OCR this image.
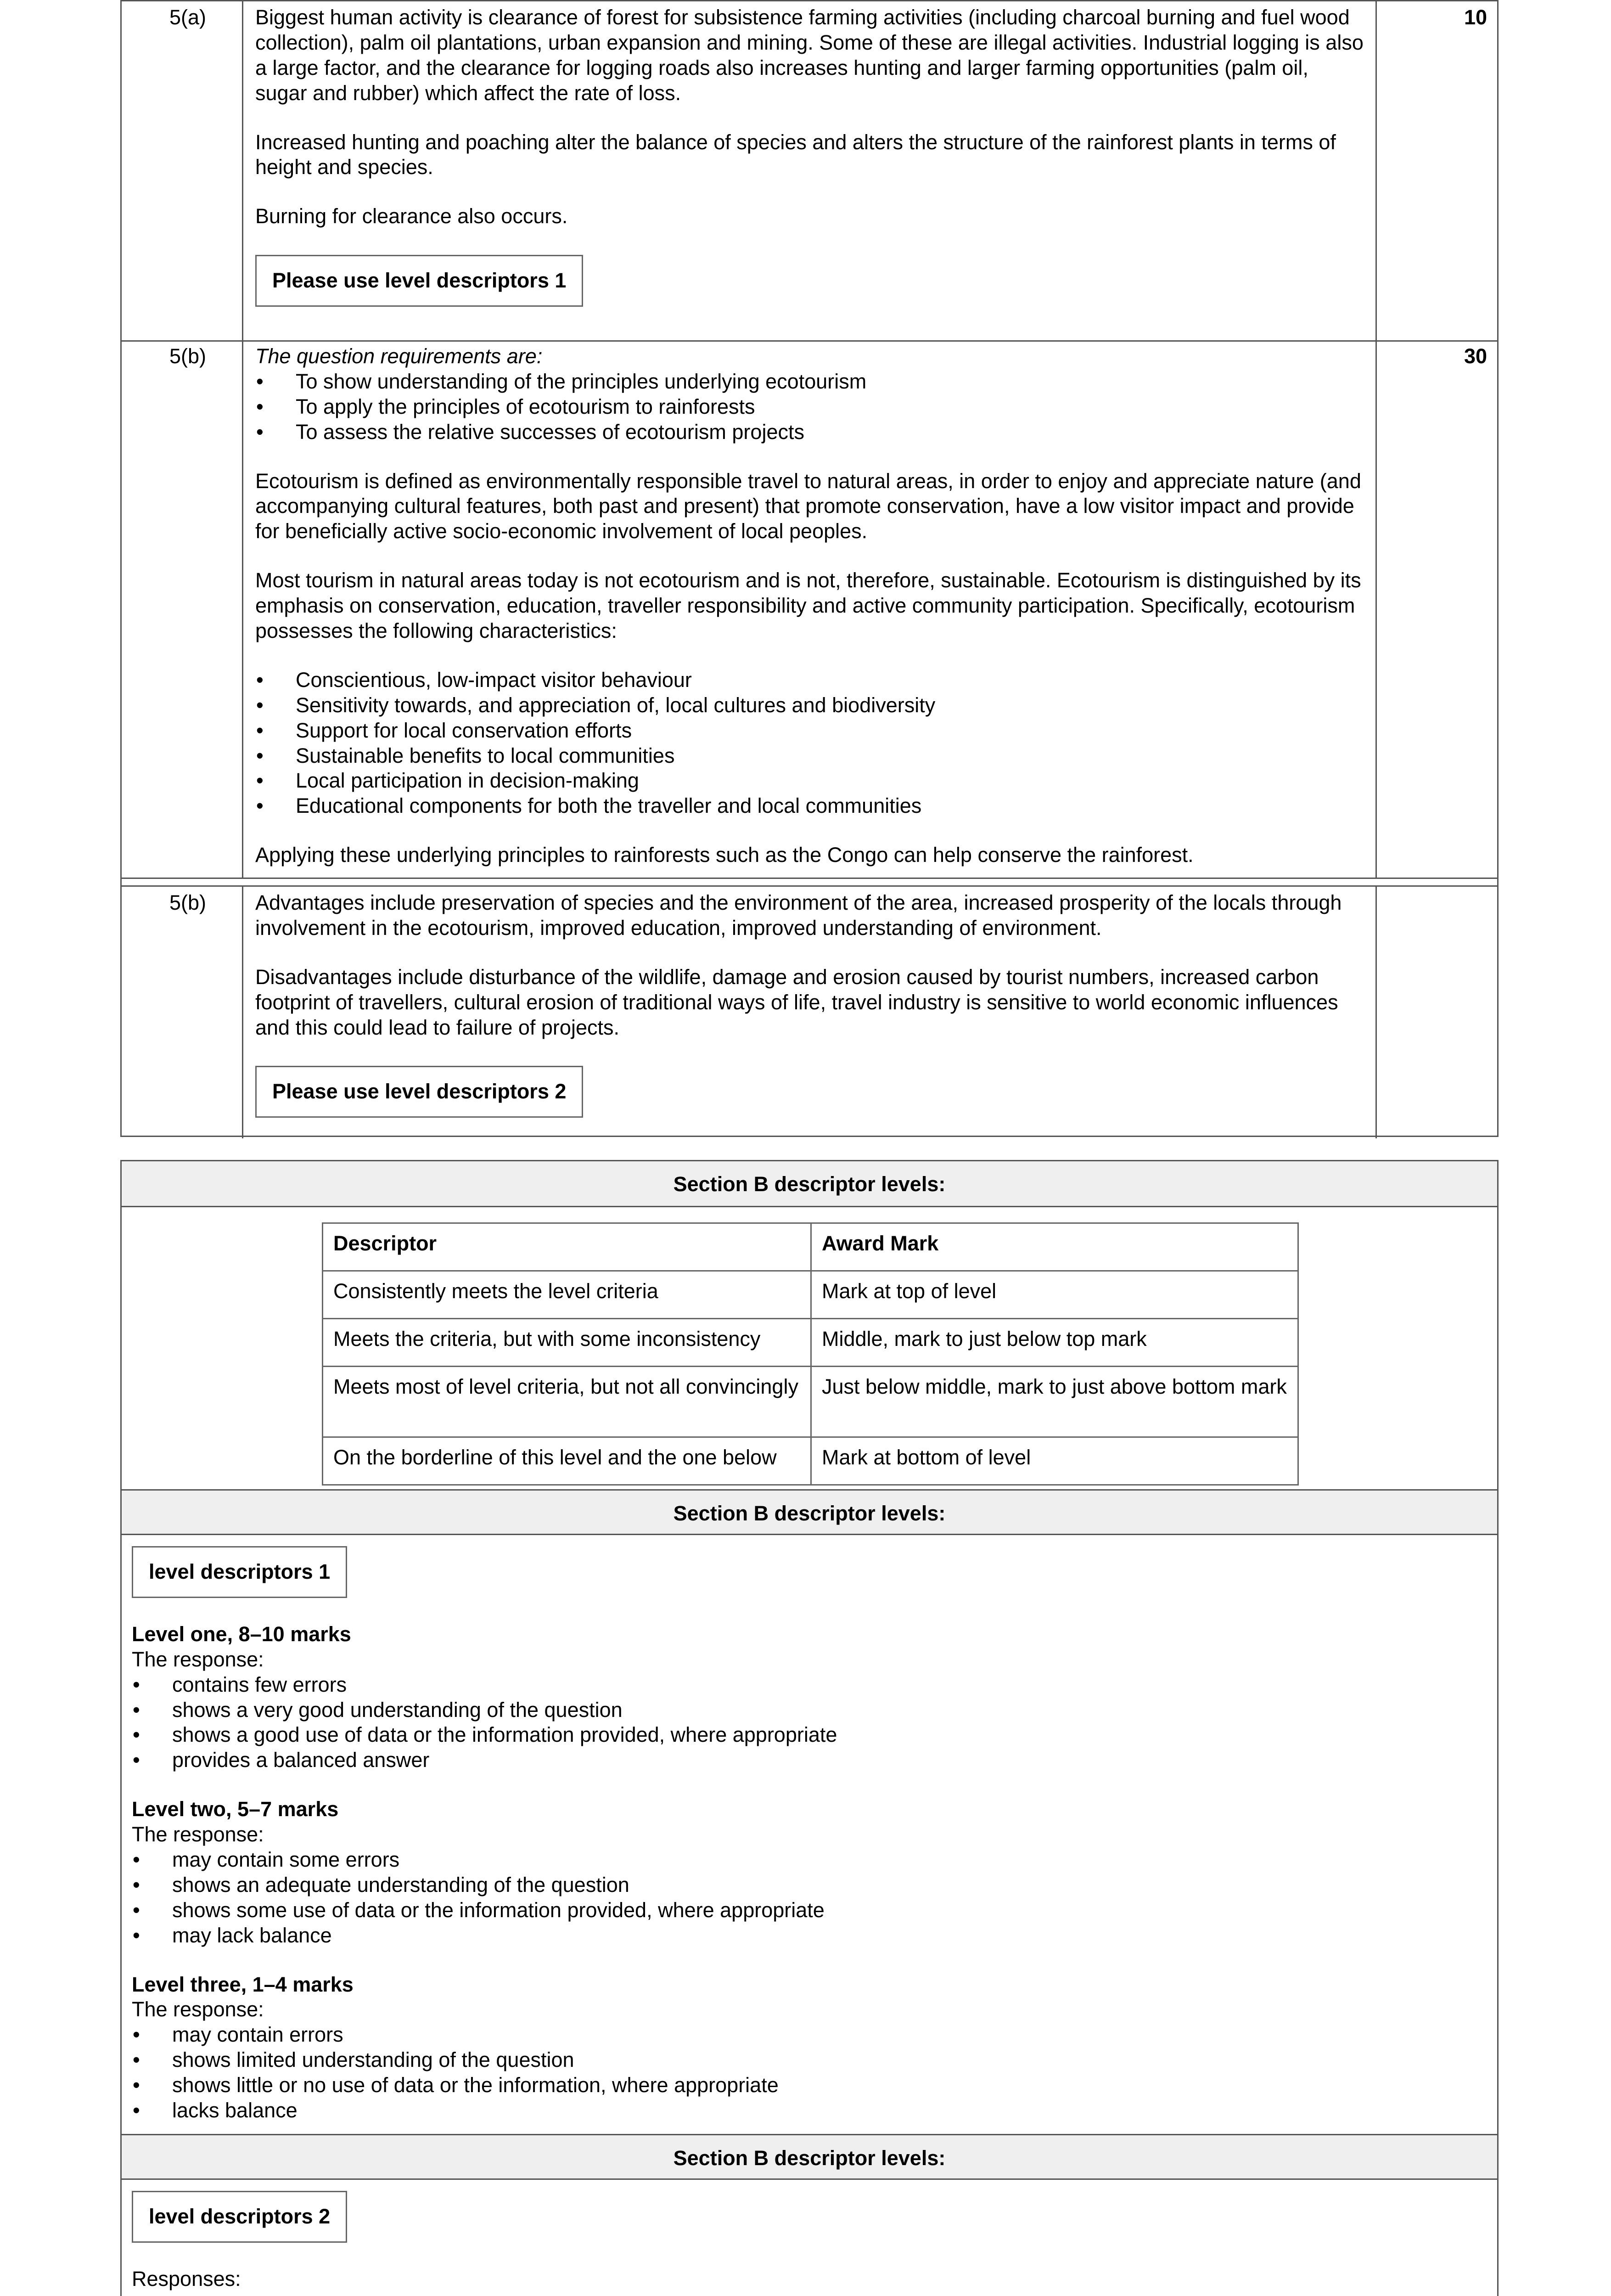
5(a)	Biggest human activity is clearance of forest for subsistence farming activities (including charcoal burning and fuel wood collection), palm oil plantations, urban expansion and mining. Some of these are illegal activities. Industrial logging is also a large factor, and the clearance for logging roads also increases hunting and larger farming opportunities (palm oil, sugar and rubber) which affect the rate of loss.

Increased hunting and poaching alter the balance of species and alters the structure of the rainforest plants in terms of height and species.

Burning for clearance also occurs.

Please use level descriptors 1
10
5(b)	The question requirements are:
• To show understanding of the principles underlying ecotourism
• To apply the principles of ecotourism to rainforests
• To assess the relative successes of ecotourism projects

Ecotourism is defined as environmentally responsible travel to natural areas, in order to enjoy and appreciate nature (and accompanying cultural features, both past and present) that promote conservation, have a low visitor impact and provide for beneficially active socio-economic involvement of local peoples.

Most tourism in natural areas today is not ecotourism and is not, therefore, sustainable. Ecotourism is distinguished by its emphasis on conservation, education, traveller responsibility and active community participation. Specifically, ecotourism possesses the following characteristics:

• Conscientious, low-impact visitor behaviour
• Sensitivity towards, and appreciation of, local cultures and biodiversity
• Support for local conservation efforts
• Sustainable benefits to local communities
• Local participation in decision-making
• Educational components for both the traveller and local communities

Applying these underlying principles to rainforests such as the Congo can help conserve the rainforest.

30
5(b)	Advantages include preservation of species and the environment of the area, increased prosperity of the locals through involvement in the ecotourism, improved education, improved understanding of environment.

Disadvantages include disturbance of the wildlife, damage and erosion caused by tourist numbers, increased carbon footprint of travellers, cultural erosion of traditional ways of life, travel industry is sensitive to world economic influences and this could lead to failure of projects.

Please use level descriptors 2
Section B descriptor levels:
Descriptor	Award Mark
Consistently meets the level criteria	Mark at top of level
Meets the criteria, but with some inconsistency	Middle, mark to just below top mark
Meets most of level criteria, but not all convincingly	Just below middle, mark to just above bottom mark
On the borderline of this level and the one below	Mark at bottom of level
Section B descriptor levels:
level descriptors 1
Level one, 8–10 marks
The response:
• contains few errors
• shows a very good understanding of the question
• shows a good use of data or the information provided, where appropriate
• provides a balanced answer
Level two, 5–7 marks
The response:
• may contain some errors
• shows an adequate understanding of the question
• shows some use of data or the information provided, where appropriate
• may lack balance
Level three, 1–4 marks
The response:
• may contain errors
• shows limited understanding of the question
• shows little or no use of data or the information, where appropriate
• lacks balance
Section B descriptor levels:
level descriptors 2
Responses:
